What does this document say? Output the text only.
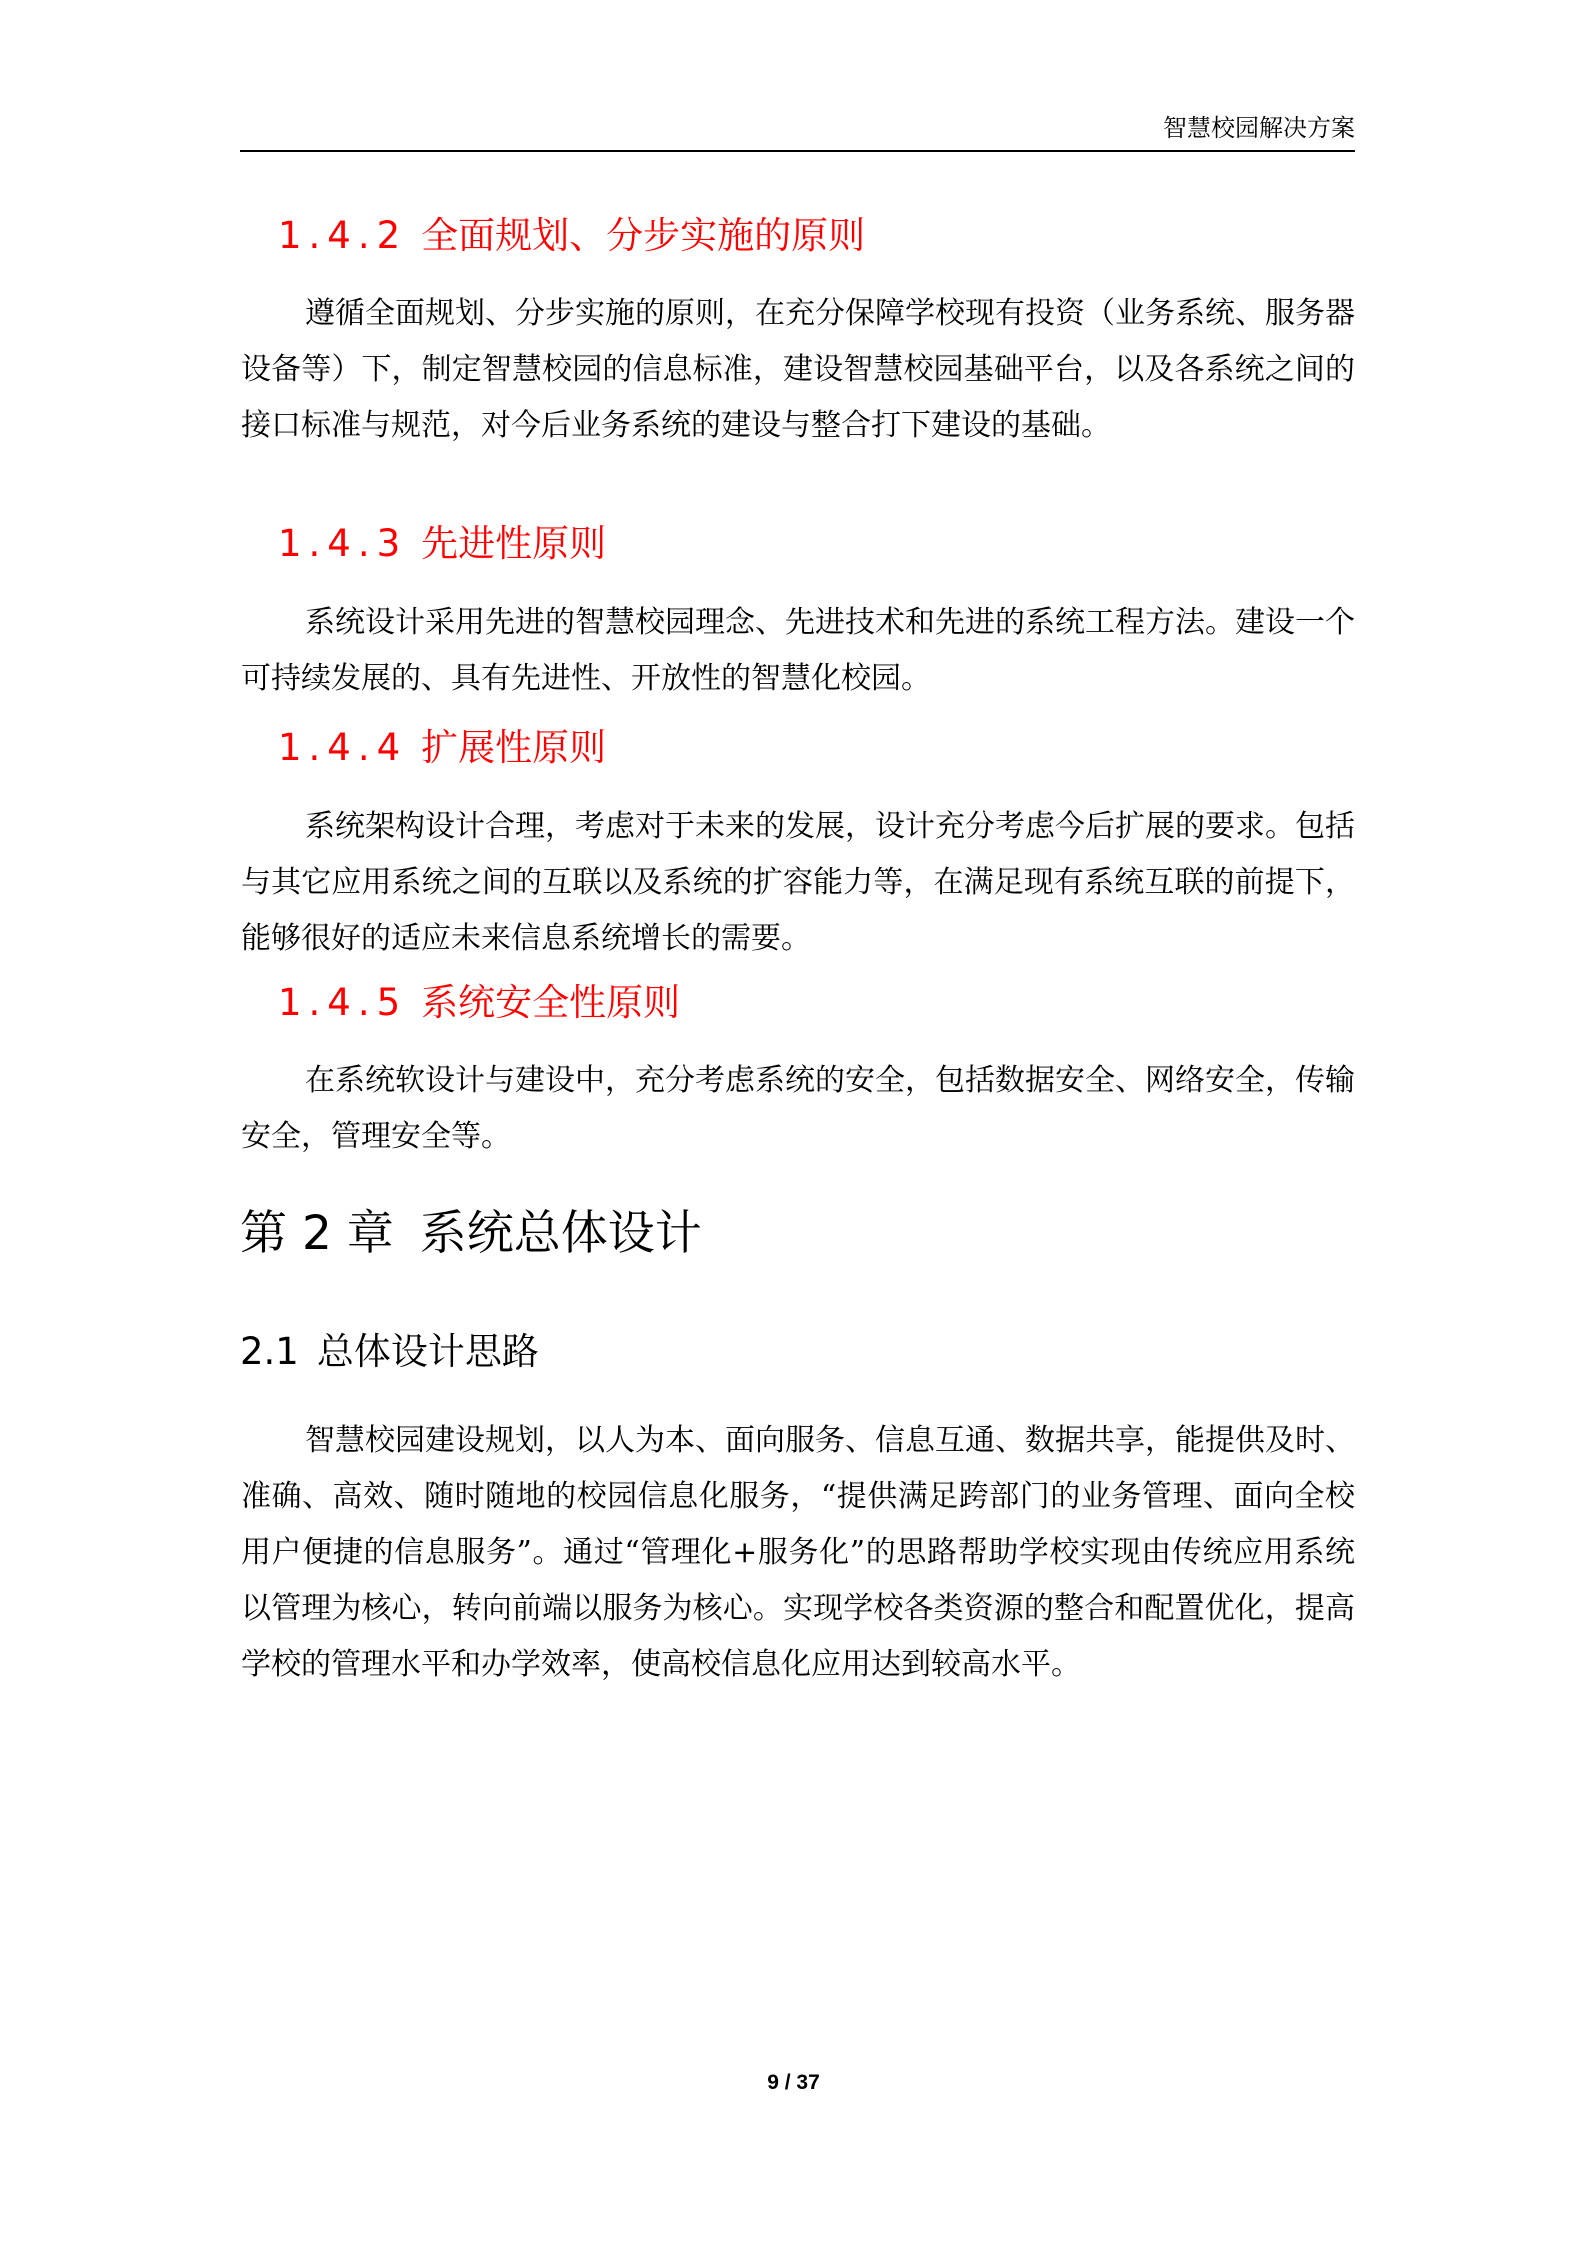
智慧校园解决方案
1.4.2 全面规划、分步实施的原则

遵循全面规划、分步实施的原则，在充分保障学校现有投资（业务系统、服务器设备等）下，制定智慧校园的信息标准，建设智慧校园基础平台，以及各系统之间的接口标准与规范，对今后业务系统的建设与整合打下建设的基础。

1.4.3 先进性原则

系统设计采用先进的智慧校园理念、先进技术和先进的系统工程方法。建设一个可持续发展的、具有先进性、开放性的智慧化校园。

1.4.4 扩展性原则

系统架构设计合理，考虑对于未来的发展，设计充分考虑今后扩展的要求。包括与其它应用系统之间的互联以及系统的扩容能力等，在满足现有系统互联的前提下，能够很好的适应未来信息系统增长的需要。

1.4.5 系统安全性原则

在系统软设计与建设中，充分考虑系统的安全，包括数据安全、网络安全，传输安全，管理安全等。

第 2 章 系统总体设计
2.1 总体设计思路

智慧校园建设规划，以人为本、面向服务、信息互通、数据共享，能提供及时、准确、高效、随时随地的校园信息化服务，“提供满足跨部门的业务管理、面向全校用户便捷的信息服务”。通过“管理化+服务化”的思路帮助学校实现由传统应用系统以管理为核心，转向前端以服务为核心。实现学校各类资源的整合和配置优化，提高学校的管理水平和办学效率，使高校信息化应用达到较高水平。

9 / 37
